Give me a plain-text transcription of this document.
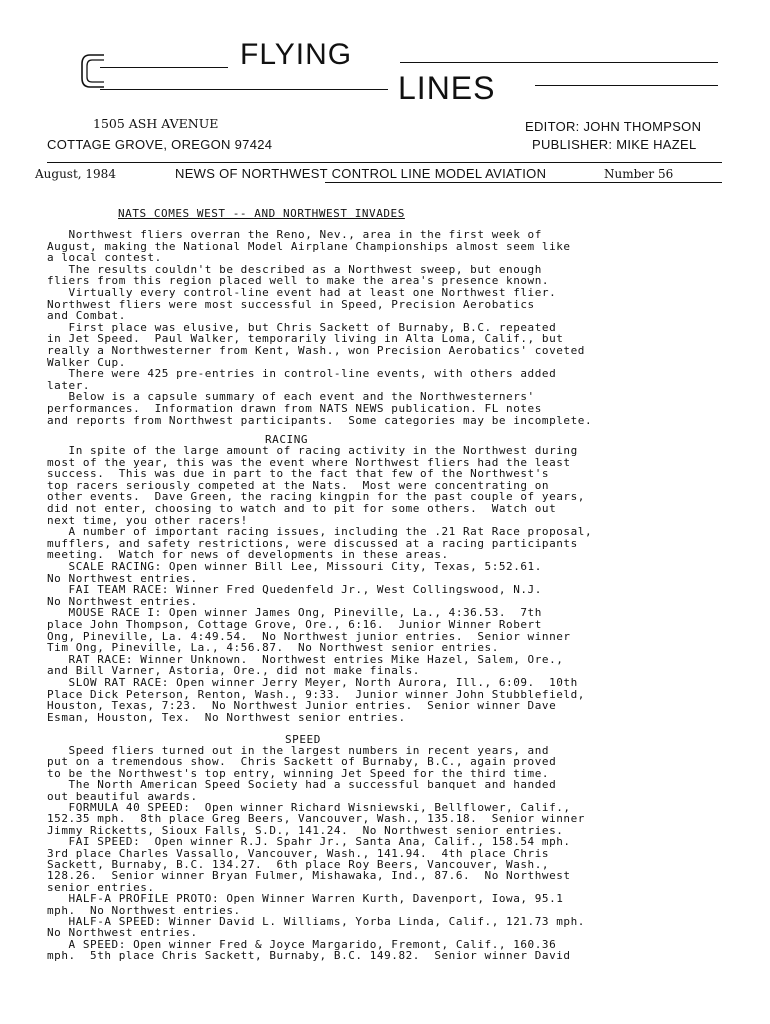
FLYING
LINES
1505 ASH AVENUE
COTTAGE GROVE, OREGON 97424
EDITOR: JOHN THOMPSON
PUBLISHER: MIKE HAZEL
August, 1984	NEWS OF NORTHWEST CONTROL LINE MODEL AVIATION	Number 56
NATS COMES WEST -- AND NORTHWEST INVADES
Northwest fliers overran the Reno, Nev., area in the first week of
August, making the National Model Airplane Championships almost seem like
a local contest.
The results couldn't be described as a Northwest sweep, but enough
fliers from this region placed well to make the area's presence known.
Virtually every control-line event had at least one Northwest flier.
Northwest fliers were most successful in Speed, Precision Aerobatics
and Combat.
First place was elusive, but Chris Sackett of Burnaby, B.C. repeated
in Jet Speed.  Paul Walker, temporarily living in Alta Loma, Calif., but
really a Northwesterner from Kent, Wash., won Precision Aerobatics' coveted
Walker Cup.
There were 425 pre-entries in control-line events, with others added
later.
Below is a capsule summary of each event and the Northwesterners'
performances.  Information drawn from NATS NEWS publication. FL notes
and reports from Northwest participants.  Some categories may be incomplete.
RACING
In spite of the large amount of racing activity in the Northwest during
most of the year, this was the event where Northwest fliers had the least
success.  This was due in part to the fact that few of the Northwest's
top racers seriously competed at the Nats.  Most were concentrating on
other events.  Dave Green, the racing kingpin for the past couple of years,
did not enter, choosing to watch and to pit for some others.  Watch out
next time, you other racers!
A number of important racing issues, including the .21 Rat Race proposal,
mufflers, and safety restrictions, were discussed at a racing participants
meeting.  Watch for news of developments in these areas.
SCALE RACING: Open winner Bill Lee, Missouri City, Texas, 5:52.61.
No Northwest entries.
FAI TEAM RACE: Winner Fred Quedenfeld Jr., West Collingswood, N.J.
No Northwest entries.
MOUSE RACE I: Open winner James Ong, Pineville, La., 4:36.53.  7th
place John Thompson, Cottage Grove, Ore., 6:16.  Junior Winner Robert
Ong, Pineville, La. 4:49.54.  No Northwest junior entries.  Senior winner
Tim Ong, Pineville, La., 4:56.87.  No Northwest senior entries.
RAT RACE: Winner Unknown.  Northwest entries Mike Hazel, Salem, Ore.,
and Bill Varner, Astoria, Ore., did not make finals.
SLOW RAT RACE: Open winner Jerry Meyer, North Aurora, Ill., 6:09.  10th
Place Dick Peterson, Renton, Wash., 9:33.  Junior winner John Stubblefield,
Houston, Texas, 7:23.  No Northwest Junior entries.  Senior winner Dave
Esman, Houston, Tex.  No Northwest senior entries.
SPEED
Speed fliers turned out in the largest numbers in recent years, and
put on a tremendous show.  Chris Sackett of Burnaby, B.C., again proved
to be the Northwest's top entry, winning Jet Speed for the third time.
The North American Speed Society had a successful banquet and handed
out beautiful awards.
FORMULA 40 SPEED:  Open winner Richard Wisniewski, Bellflower, Calif.,
152.35 mph.  8th place Greg Beers, Vancouver, Wash., 135.18.  Senior winner
Jimmy Ricketts, Sioux Falls, S.D., 141.24.  No Northwest senior entries.
FAI SPEED:  Open winner R.J. Spahr Jr., Santa Ana, Calif., 158.54 mph.
3rd place Charles Vassallo, Vancouver, Wash., 141.94.  4th place Chris
Sackett, Burnaby, B.C. 134.27.  6th place Roy Beers, Vancouver, Wash.,
128.26.  Senior winner Bryan Fulmer, Mishawaka, Ind., 87.6.  No Northwest
senior entries.
HALF-A PROFILE PROTO: Open Winner Warren Kurth, Davenport, Iowa, 95.1
mph.  No Northwest entries.
HALF-A SPEED: Winner David L. Williams, Yorba Linda, Calif., 121.73 mph.
No Northwest entries.
A SPEED: Open winner Fred & Joyce Margarido, Fremont, Calif., 160.36
mph.  5th place Chris Sackett, Burnaby, B.C. 149.82.  Senior winner David
